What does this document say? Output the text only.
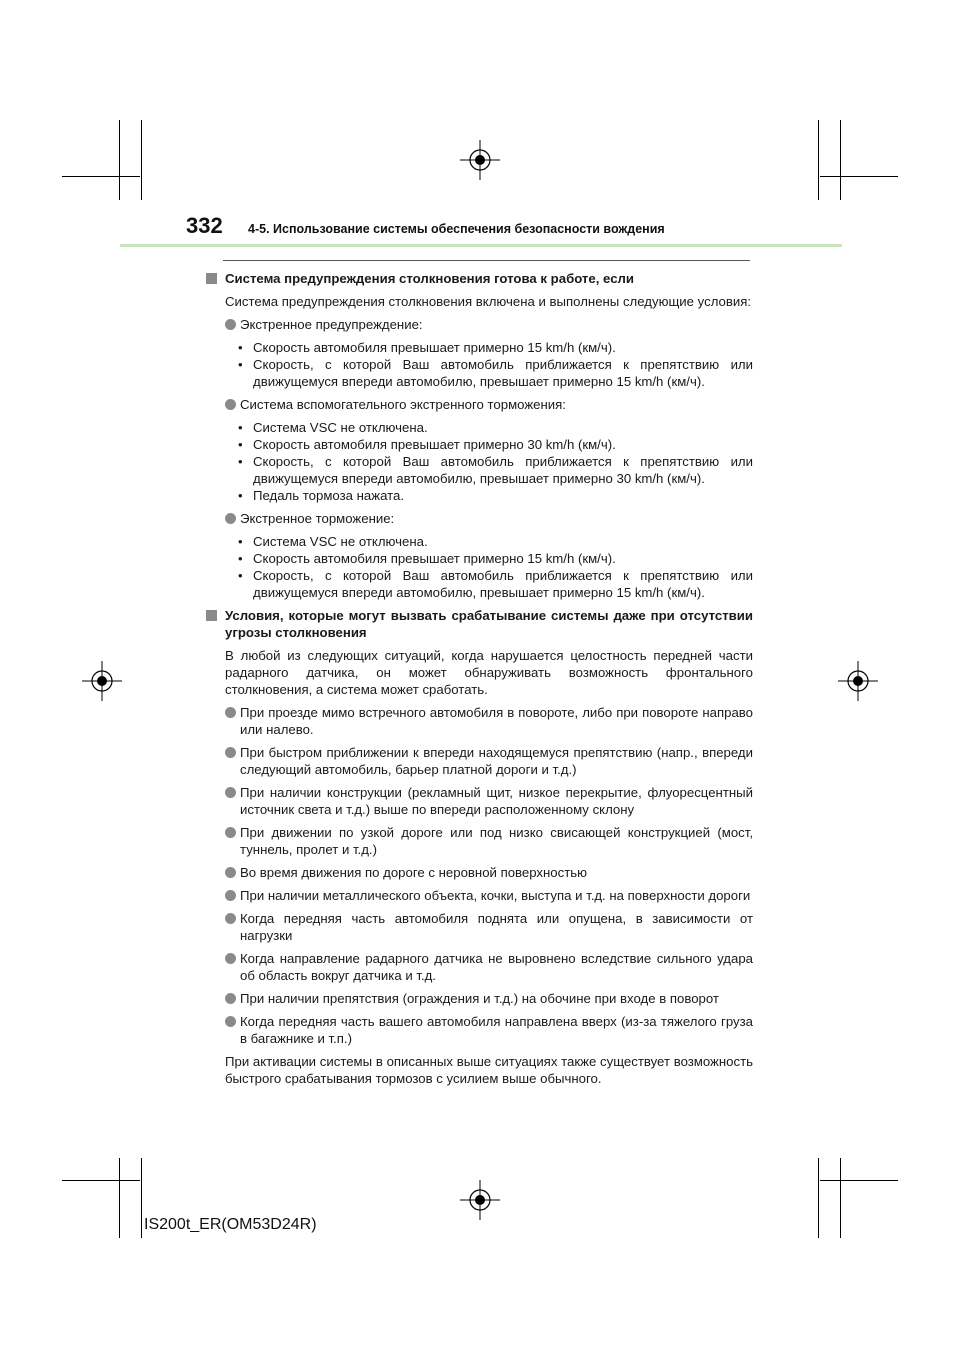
332 4-5. Использование системы обеспечения безопасности вождения
Система предупреждения столкновения готова к работе, если
Система предупреждения столкновения включена и выполнены следующие условия:
Экстренное предупреждение:
• Скорость автомобиля превышает примерно 15 km/h (км/ч).
• Скорость, с которой Ваш автомобиль приближается к препятствию или движущемуся впереди автомобилю, превышает примерно 15 km/h (км/ч).
Система вспомогательного экстренного торможения:
• Система VSC не отключена.
• Скорость автомобиля превышает примерно 30 km/h (км/ч).
• Скорость, с которой Ваш автомобиль приближается к препятствию или движущемуся впереди автомобилю, превышает примерно 30 km/h (км/ч).
• Педаль тормоза нажата.
Экстренное торможение:
• Система VSC не отключена.
• Скорость автомобиля превышает примерно 15 km/h (км/ч).
• Скорость, с которой Ваш автомобиль приближается к препятствию или движущемуся впереди автомобилю, превышает примерно 15 km/h (км/ч).
Условия, которые могут вызвать срабатывание системы даже при отсутствии угрозы столкновения
В любой из следующих ситуаций, когда нарушается целостность передней части радарного датчика, он может обнаруживать возможность фронтального столкновения, а система может сработать.
При проезде мимо встречного автомобиля в повороте, либо при повороте направо или налево.
При быстром приближении к впереди находящемуся препятствию (напр., впереди следующий автомобиль, барьер платной дороги и т.д.)
При наличии конструкции (рекламный щит, низкое перекрытие, флуоресцентный источник света и т.д.) выше по впереди расположенному склону
При движении по узкой дороге или под низко свисающей конструкцией (мост, туннель, пролет и т.д.)
Во время движения по дороге с неровной поверхностью
При наличии металлического объекта, кочки, выступа и т.д. на поверхности дороги
Когда передняя часть автомобиля поднята или опущена, в зависимости от нагрузки
Когда направление радарного датчика не выровнено вследствие сильного удара об область вокруг датчика и т.д.
При наличии препятствия (ограждения и т.д.) на обочине при входе в поворот
Когда передняя часть вашего автомобиля направлена вверх (из-за тяжелого груза в багажнике и т.п.)
При активации системы в описанных выше ситуациях также существует возможность быстрого срабатывания тормозов с усилием выше обычного.
IS200t_ER(OM53D24R)
